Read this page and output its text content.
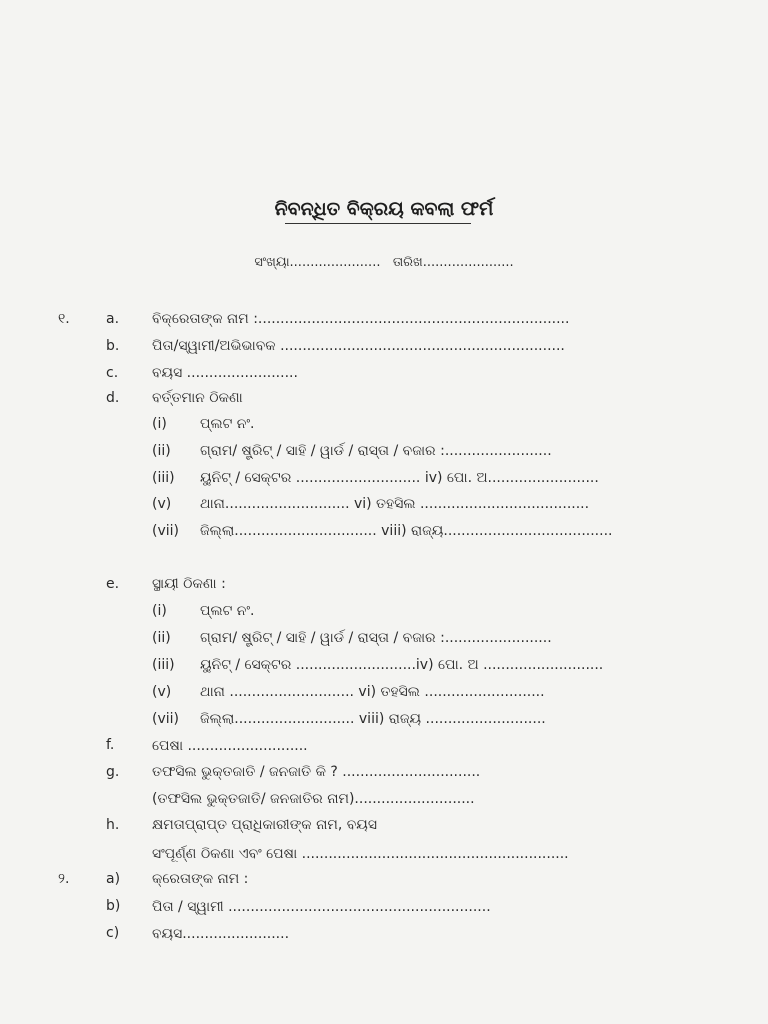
ନିବନ୍ଧିତ ବିକ୍ରୟ କବଲା ଫର୍ମ
ସଂଖ୍ୟା......................   ତାରିଖ......................
୧.	a. ବିକ୍ରେତାଙ୍କ ନାମ :......................................................................
b. ପିତା/ସ୍ୱାମୀ/ଅଭିଭାବକ ................................................................
c. ବୟସ .........................
d. ବର୍ତ୍ତମାନ ଠିକଣା
(i) ପ୍ଲଟ ନଂ.
(ii) ଗ୍ରାମ/ ଷ୍ଟ୍ରିଟ୍ / ସାହି / ୱାର୍ଡ / ରାସ୍ତା / ବଜାର :........................
(iii) ୟୁନିଟ୍ / ସେକ୍ଟର ............................ iv) ପୋ. ଅ.........................
(v) ଥାନା............................ vi) ତହସିଲ ......................................
(vii) ଜିଲ୍ଲା................................ viii) ରାଜ୍ୟ......................................
e. ସ୍ଥାୟୀ ଠିକଣା :
(i) ପ୍ଲଟ ନଂ.
(ii) ଗ୍ରାମ/ ଷ୍ଟ୍ରିଟ୍ / ସାହି / ୱାର୍ଡ / ରାସ୍ତା / ବଜାର :........................
(iii) ୟୁନିଟ୍ / ସେକ୍ଟର ...........................iv) ପୋ. ଅ ...........................
(v) ଥାନା ............................ vi) ତହସିଲ ...........................
(vii) ଜିଲ୍ଲା........................... viii) ରାଜ୍ୟ ...........................
f.	ପେଷା ...........................
g. ତଫସିଲ ଭୁକ୍ତଜାତି / ଜନଜାତି କି ? ...............................
(ତଫସିଲ ଭୁକ୍ତଜାତି/ ଜନଜାତିର ନାମ)...........................
h. କ୍ଷମତାପ୍ରାପ୍ତ ପ୍ରାଧିକାରୀଙ୍କ ନାମ, ବୟସ
ସଂପୂର୍ଣ୍ଣ ଠିକଣା ଏବଂ ପେଷା ............................................................
୨.	a) କ୍ରେତାଙ୍କ ନାମ :
b) ପିତା / ସ୍ୱାମୀ ...........................................................
c) ବୟସ........................
